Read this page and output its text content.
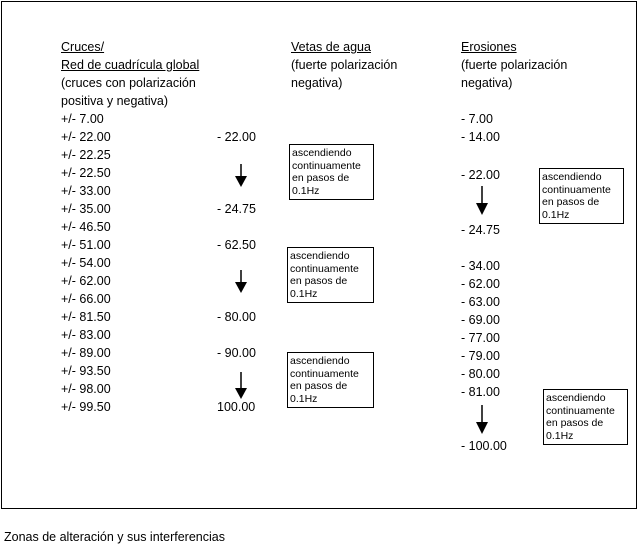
Cruces/
Red de cuadrícula global
(cruces con polarización
positiva y negativa)
+/- 7.00
+/- 22.00
+/- 22.25
+/- 22.50
+/- 33.00
+/- 35.00
+/- 46.50
+/- 51.00
+/- 54.00
+/- 62.00
+/- 66.00
+/- 81.50
+/- 83.00
+/- 89.00
+/- 93.50
+/- 98.00
+/- 99.50
- 22.00
- 24.75
- 62.50
- 80.00
- 90.00
100.00
Vetas de agua
(fuerte polarización
negativa)
ascendiendo
continuamente
en pasos de
0.1Hz
ascendiendo
continuamente
en pasos de
0.1Hz
ascendiendo
continuamente
en pasos de
0.1Hz
Erosiones
(fuerte polarización
negativa)
- 7.00
- 14.00
- 22.00
- 24.75
- 34.00
- 62.00
- 63.00
- 69.00
- 77.00
- 79.00
- 80.00
- 81.00
- 100.00
ascendiendo
continuamente
en pasos de
0.1Hz
ascendiendo
continuamente
en pasos de
0.1Hz
Zonas de alteración y sus interferencias
